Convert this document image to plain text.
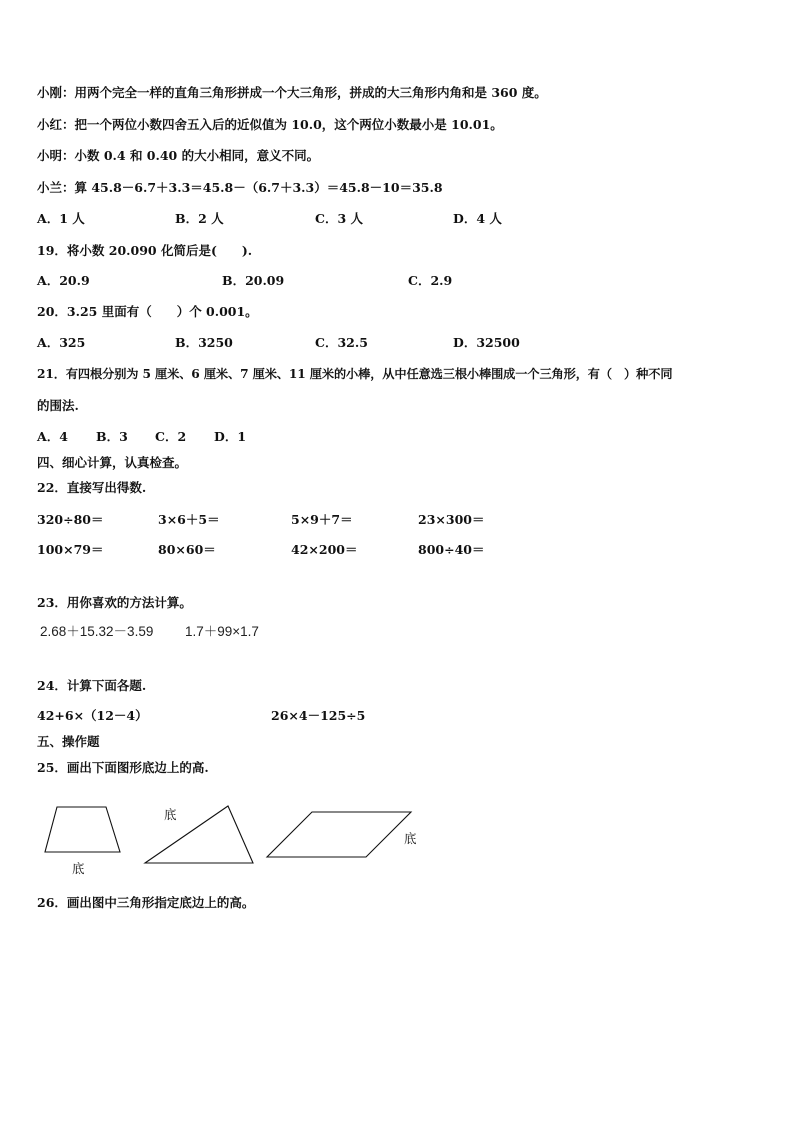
小刚：用两个完全一样的直角三角形拼成一个大三角形，拼成的大三角形内角和是 360 度。
小红：把一个两位小数四舍五入后的近似值为 10.0，这个两位小数最小是 10.01。
小明：小数 0.4 和 0.40 的大小相同，意义不同。
小兰：算 45.8－6.7＋3.3＝45.8－（6.7＋3.3）＝45.8－10＝35.8
A．1 人	B．2 人	C．3 人	D．4 人
19．将小数 20.090 化简后是(　　).
A．20.9	B．20.09	C．2.9
20．3.25 里面有（　　）个 0.001。
A．325	B．3250	C．32.5	D．32500
21．有四根分别为 5 厘米、6 厘米、7 厘米、11 厘米的小棒，从中任意选三根小棒围成一个三角形，有（　）种不同
的围法.
A．4 B．3 C．2 D．1
四、细心计算，认真检查。
22．直接写出得数.
320÷80＝	3×6＋5＝	5×9＋7＝	23×300＝
100×79＝	80×60＝	42×200＝	800÷40＝
23．用你喜欢的方法计算。
2.68＋15.32－3.59 1.7＋99×1.7
24．计算下面各题.
42+6×（12－4）	26×4－125÷5
五、操作题
25．画出下面图形底边上的高.
底
底
底
26．画出图中三角形指定底边上的高。
